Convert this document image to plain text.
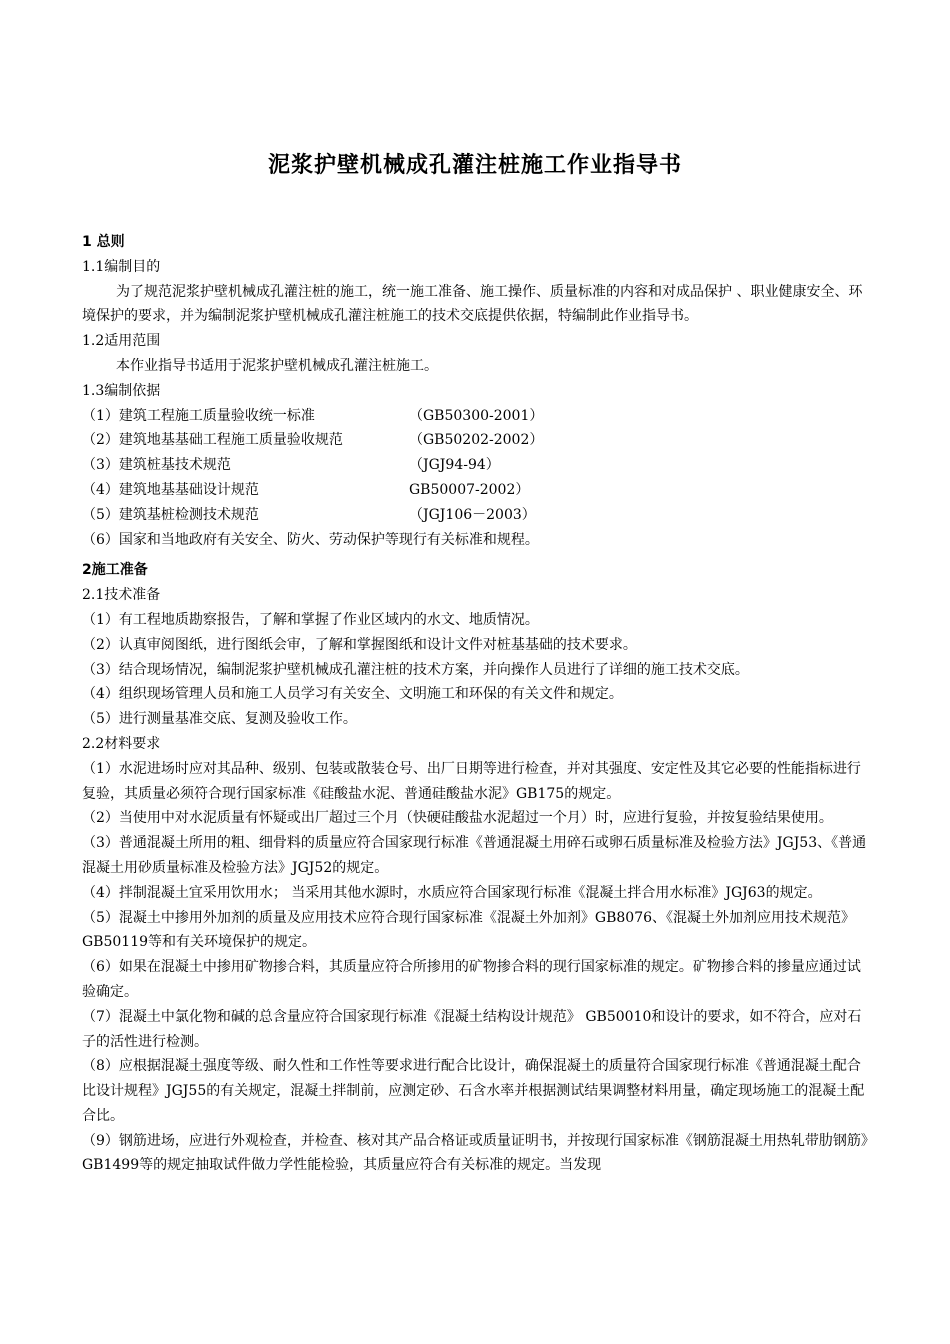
泥浆护壁机械成孔灌注桩施工作业指导书

1 总则

1.1编制目的

为了规范泥浆护壁机械成孔灌注桩的施工，统一施工准备、施工操作、质量标准的内容和对成品保护 、职业健康安全、环境保护的要求，并为编制泥浆护壁机械成孔灌注桩施工的技术交底提供依据，特编制此作业指导书。

1.2适用范围

本作业指导书适用于泥浆护壁机械成孔灌注桩施工。

1.3编制依据

（1）建筑工程施工质量验收统一标准	（GB50300-2001）
（2）建筑地基基础工程施工质量验收规范	（GB50202-2002）
（3）建筑桩基技术规范	（JGJ94-94）
（4）建筑地基基础设计规范	GB50007-2002）
（5）建筑基桩检测技术规范	（JGJ106－2003）

（6）国家和当地政府有关安全、防火、劳动保护等现行有关标准和规程。

2施工准备

2.1技术准备

（1）有工程地质勘察报告，了解和掌握了作业区域内的水文、地质情况。

（2）认真审阅图纸，进行图纸会审，了解和掌握图纸和设计文件对桩基基础的技术要求。

（3）结合现场情况，编制泥浆护壁机械成孔灌注桩的技术方案，并向操作人员进行了详细的施工技术交底。

（4）组织现场管理人员和施工人员学习有关安全、文明施工和环保的有关文件和规定。

（5）进行测量基准交底、复测及验收工作。

2.2材料要求

（1）水泥进场时应对其品种、级别、包装或散装仓号、出厂日期等进行检查，并对其强度、安定性及其它必要的性能指标进行复验，其质量必须符合现行国家标准《硅酸盐水泥、普通硅酸盐水泥》GB175的规定。

（2）当使用中对水泥质量有怀疑或出厂超过三个月（快硬硅酸盐水泥超过一个月）时，应进行复验，并按复验结果使用。

（3）普通混凝土所用的粗、细骨料的质量应符合国家现行标准《普通混凝土用碎石或卵石质量标准及检验方法》JGJ53、《普通混凝土用砂质量标准及检验方法》JGJ52的规定。

（4）拌制混凝土宜采用饮用水； 当采用其他水源时，水质应符合国家现行标准《混凝土拌合用水标准》JGJ63的规定。

（5）混凝土中掺用外加剂的质量及应用技术应符合现行国家标准《混凝土外加剂》GB8076、《混凝土外加剂应用技术规范》GB50119等和有关环境保护的规定。

（6）如果在混凝土中掺用矿物掺合料，其质量应符合所掺用的矿物掺合料的现行国家标准的规定。矿物掺合料的掺量应通过试验确定。

（7）混凝土中氯化物和碱的总含量应符合国家现行标准《混凝土结构设计规范》 GB50010和设计的要求，如不符合，应对石子的活性进行检测。

（8）应根据混凝土强度等级、耐久性和工作性等要求进行配合比设计，确保混凝土的质量符合国家现行标准《普通混凝土配合比设计规程》JGJ55的有关规定，混凝土拌制前，应测定砂、石含水率并根据测试结果调整材料用量，确定现场施工的混凝土配合比。

（9）钢筋进场，应进行外观检查，并检查、核对其产品合格证或质量证明书，并按现行国家标准《钢筋混凝土用热轧带肋钢筋》GB1499等的规定抽取试件做力学性能检验，其质量应符合有关标准的规定。当发现
